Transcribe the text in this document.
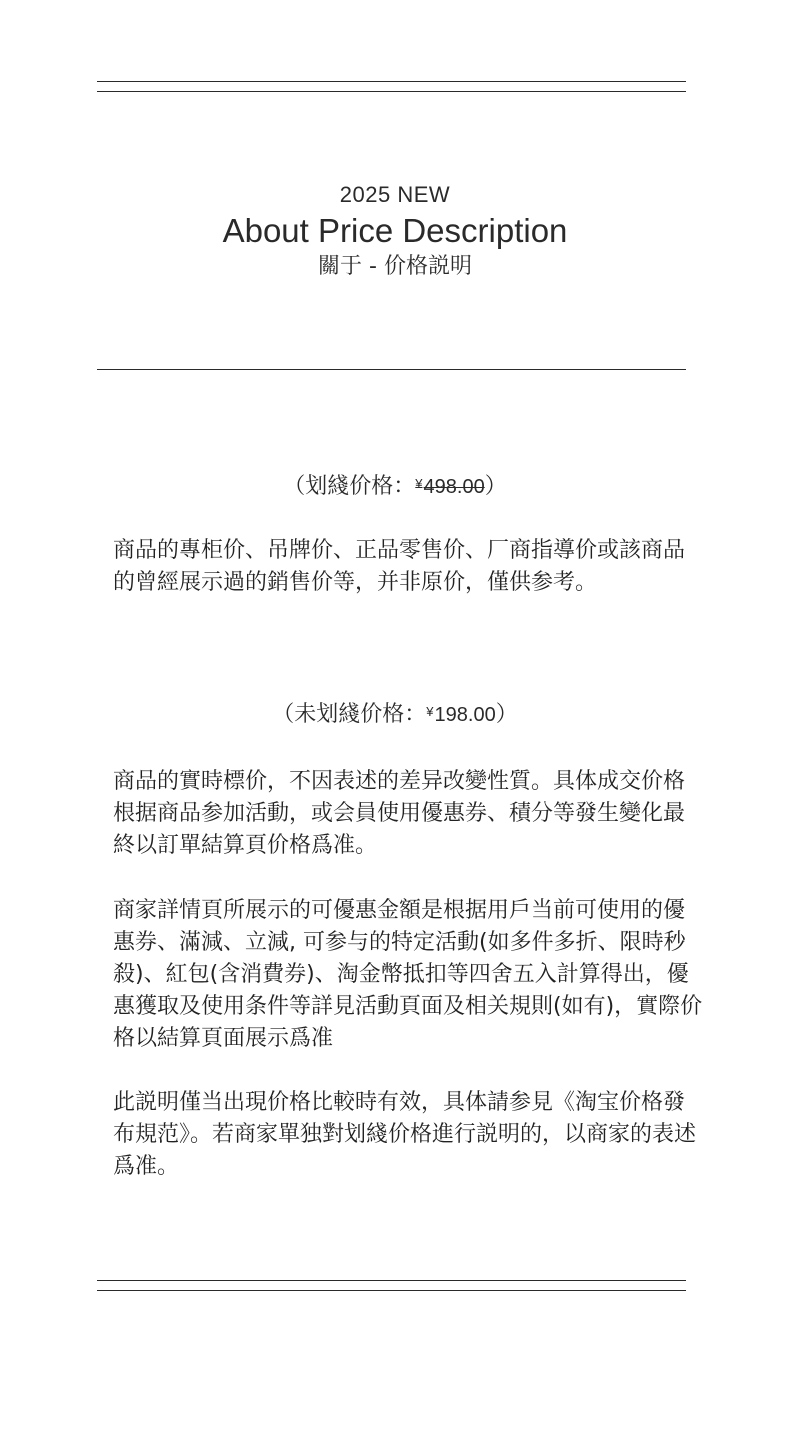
2025 NEW
About Price Description
關于 - 价格説明
（划綫价格：¥498.00）
商品的專柜价、吊牌价、正品零售价、厂商指導价或該商品的曾經展示過的銷售价等，并非原价，僅供参考。
（未划綫价格：¥198.00）
商品的實時標价，不因表述的差异改變性質。具体成交价格根据商品参加活動，或会員使用優惠券、積分等發生變化最終以訂單結算頁价格爲准。
商家詳情頁所展示的可優惠金額是根据用戶当前可使用的優惠券、滿減、立減, 可参与的特定活動(如多件多折、限時秒殺)、紅包(含消費券)、淘金幣抵扣等四舍五入計算得出，優惠獲取及使用条件等詳見活動頁面及相关規則(如有)，實際价格以結算頁面展示爲准
此説明僅当出現价格比較時有效，具体請参見《淘宝价格發布規范》。若商家單独對划綫价格進行説明的，以商家的表述爲准。
